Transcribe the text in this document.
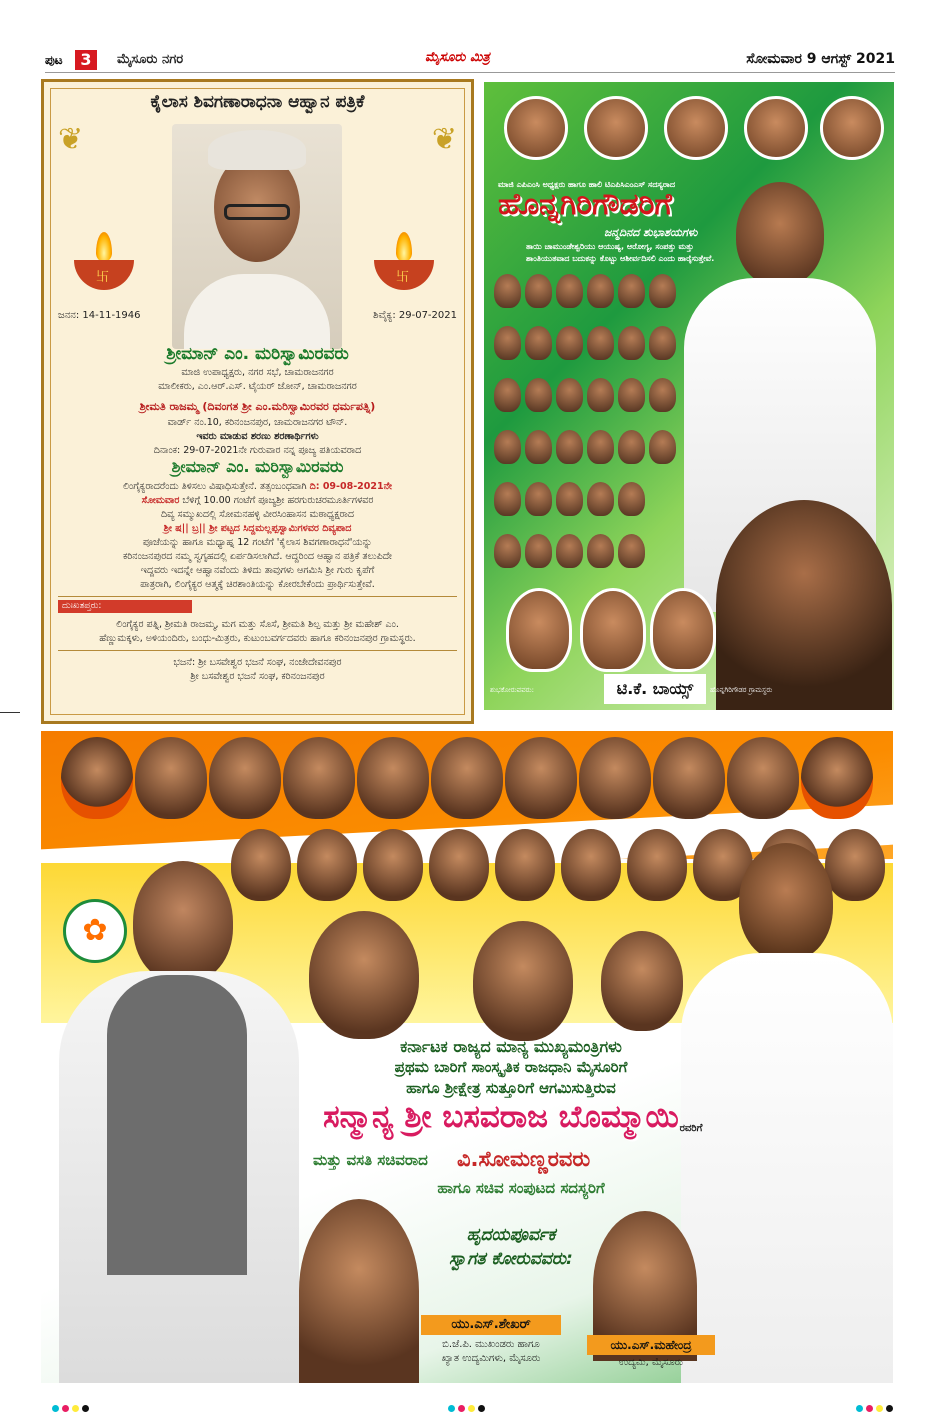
ಪುಟ	3	ಮೈಸೂರು ನಗರ	ಮೈಸೂರು ಮಿತ್ರ	ಸೋಮವಾರ 9 ಆಗಸ್ಟ್ 2021
ಕೈಲಾಸ ಶಿವಗಣಾರಾಧನಾ ಆಹ್ವಾನ ಪತ್ರಿಕೆ
卐	卐
❦	❦
ಜನನ: 14-11-1946	ಶಿವೈಕ್ಯ: 29-07-2021
ಶ್ರೀಮಾನ್ ಎಂ. ಮರಿಸ್ವಾಮಿರವರು
ಮಾಜಿ ಉಪಾಧ್ಯಕ್ಷರು, ನಗರ ಸಭೆ, ಚಾಮರಾಜನಗರ
ಮಾಲೀಕರು, ಎಂ.ಆರ್.ಎಸ್. ಟೈಯರ್ ಜೋನ್, ಚಾಮರಾಜನಗರ
ಶ್ರೀಮತಿ ರಾಜಮ್ಮ (ದಿವಂಗತ ಶ್ರೀ ಎಂ.ಮರಿಸ್ವಾಮಿರವರ ಧರ್ಮಪತ್ನಿ)
ವಾರ್ಡ್ ನಂ.10, ಕರಿನಂಜನಪುರ, ಚಾಮರಾಜನಗರ ಟೌನ್.
ಇವರು ಮಾಡುವ ಶರಣು ಶರಣಾರ್ಥಿಗಳು
ದಿನಾಂಕ: 29-07-2021ನೇ ಗುರುವಾರ ನನ್ನ ಪೂಜ್ಯ ಪತಿಯವರಾದ
ಶ್ರೀಮಾನ್ ಎಂ. ಮರಿಸ್ವಾಮಿರವರು
ಲಿಂಗೈಕ್ಯರಾದರೆಂದು ತಿಳಿಸಲು ವಿಷಾಧಿಸುತ್ತೇನೆ. ತತ್ಸಂಬಂಧವಾಗಿ ದಿ: 09-08-2021ನೇ
ಸೋಮವಾರ ಬೆಳಿಗ್ಗೆ 10.00 ಗಂಟೆಗೆ ಪೂಜ್ಯಶ್ರೀ ಹರಗುರುಚರಮೂರ್ತಿಗಳವರ
ದಿವ್ಯ ಸಮ್ಮುಖದಲ್ಲಿ ಸೋಮನಹಳ್ಳಿ ವೀರಸಿಂಹಾಸನ ಮಠಾಧ್ಯಕ್ಷರಾದ
ಶ್ರೀ ಷ|| ಬ್ರ|| ಶ್ರೀ ಪಟ್ಟದ ಸಿದ್ದಮಲ್ಲಪ್ಪಸ್ವಾಮಿಗಳವರ ದಿವ್ಯಪಾದ
ಪೂಜೆಯನ್ನು ಹಾಗೂ ಮಧ್ಯಾಹ್ನ 12 ಗಂಟೆಗೆ 'ಕೈಲಾಸ ಶಿವಗಣಾರಾಧನೆ'ಯನ್ನು
ಕರಿನಂಜನಪುರದ ನಮ್ಮ ಸ್ವಗೃಹದಲ್ಲಿ ಏರ್ಪಡಿಸಲಾಗಿದೆ. ಆದ್ದರಿಂದ ಆಹ್ವಾನ ಪತ್ರಿಕೆ ತಲುಪಿದೇ
ಇದ್ದವರು ಇದನ್ನೇ ಆಹ್ವಾನವೆಂದು ತಿಳಿದು ತಾವುಗಳು ಆಗಮಿಸಿ ಶ್ರೀ ಗುರು ಕೃಪೆಗೆ
ಪಾತ್ರರಾಗಿ, ಲಿಂಗೈಕ್ಯರ ಆತ್ಮಕ್ಕೆ ಚಿರಶಾಂತಿಯನ್ನು ಕೋರಬೇಕೆಂದು ಪ್ರಾರ್ಥಿಸುತ್ತೇವೆ.
ದುಃಖತಪ್ತರು:
ಲಿಂಗೈಕ್ಯರ ಪತ್ನಿ, ಶ್ರೀಮತಿ ರಾಜಮ್ಮ, ಮಗ ಮತ್ತು ಸೊಸೆ, ಶ್ರೀಮತಿ ಶಿಲ್ಪ ಮತ್ತು ಶ್ರೀ ಮಹೇಶ್ ಎಂ.
ಹೆಣ್ಣುಮಕ್ಕಳು, ಅಳಿಯಂದಿರು, ಬಂಧು-ಮಿತ್ರರು, ಕುಟುಂಬವರ್ಗದವರು ಹಾಗೂ ಕರಿನಂಜನಪುರ ಗ್ರಾಮಸ್ಥರು.
ಭಜನೆ: ಶ್ರೀ ಬಸವೇಶ್ವರ ಭಜನೆ ಸಂಘ, ನಂಜೇದೇವನಪುರ
ಶ್ರೀ ಬಸವೇಶ್ವರ ಭಜನೆ ಸಂಘ, ಕರಿನಂಜನಪುರ
ಮಾಜಿ ಎಪಿಎಂಸಿ ಅಧ್ಯಕ್ಷರು ಹಾಗೂ ಹಾಲಿ ಟಿಎಪಿಸಿಎಂಎಸ್ ಸದಸ್ಯರಾದ
ಹೊನ್ನಗಿರಿಗೌಡರಿಗೆ
ಜನ್ಮದಿನದ ಶುಭಾಶಯಗಳು
ತಾಯಿ ಚಾಮುಂಡೇಶ್ವರಿಯು ಆಯುಷ್ಯ, ಆರೋಗ್ಯ, ಸಂಪತ್ತು ಮತ್ತು
ಶಾಂತಿಯುತವಾದ ಬದುಕನ್ನು ಕೊಟ್ಟು ಆಶೀರ್ವದಿಸಲಿ ಎಂದು ಹಾರೈಸುತ್ತೇವೆ.
ಟಿ.ಕೆ. ಬಾಯ್ಸ್
ಶುಭಕೋರುವವರು:	ಹೊನ್ನಗಿರಿಗೌಡರ ಗ್ರಾಮಸ್ಥರು
✿
ಕರ್ನಾಟಕ ರಾಜ್ಯದ ಮಾನ್ಯ ಮುಖ್ಯಮಂತ್ರಿಗಳು
ಪ್ರಥಮ ಬಾರಿಗೆ ಸಾಂಸ್ಕೃತಿಕ ರಾಜಧಾನಿ ಮೈಸೂರಿಗೆ
ಹಾಗೂ ಶ್ರೀಕ್ಷೇತ್ರ ಸುತ್ತೂರಿಗೆ ಆಗಮಿಸುತ್ತಿರುವ
ಸನ್ಮಾನ್ಯ ಶ್ರೀ ಬಸವರಾಜ ಬೊಮ್ಮಾಯಿ ರವರಿಗೆ
ಮತ್ತು ವಸತಿ ಸಚಿವರಾದ	ವಿ.ಸೋಮಣ್ಣರವರು
ಹಾಗೂ ಸಚಿವ ಸಂಪುಟದ ಸದಸ್ಯರಿಗೆ
ಹೃದಯಪೂರ್ವಕ
ಸ್ವಾಗತ ಕೋರುವವರು:
ಯು.ಎಸ್.ಶೇಖರ್
ಬಿ.ಜೆ.ಪಿ. ಮುಖಂಡರು ಹಾಗೂ
ಖ್ಯಾತ ಉದ್ಯಮಿಗಳು, ಮೈಸೂರು
ಯು.ಎಸ್.ಮಹೇಂದ್ರ
ಉದ್ಯಮಿ, ಮೈಸೂರು
